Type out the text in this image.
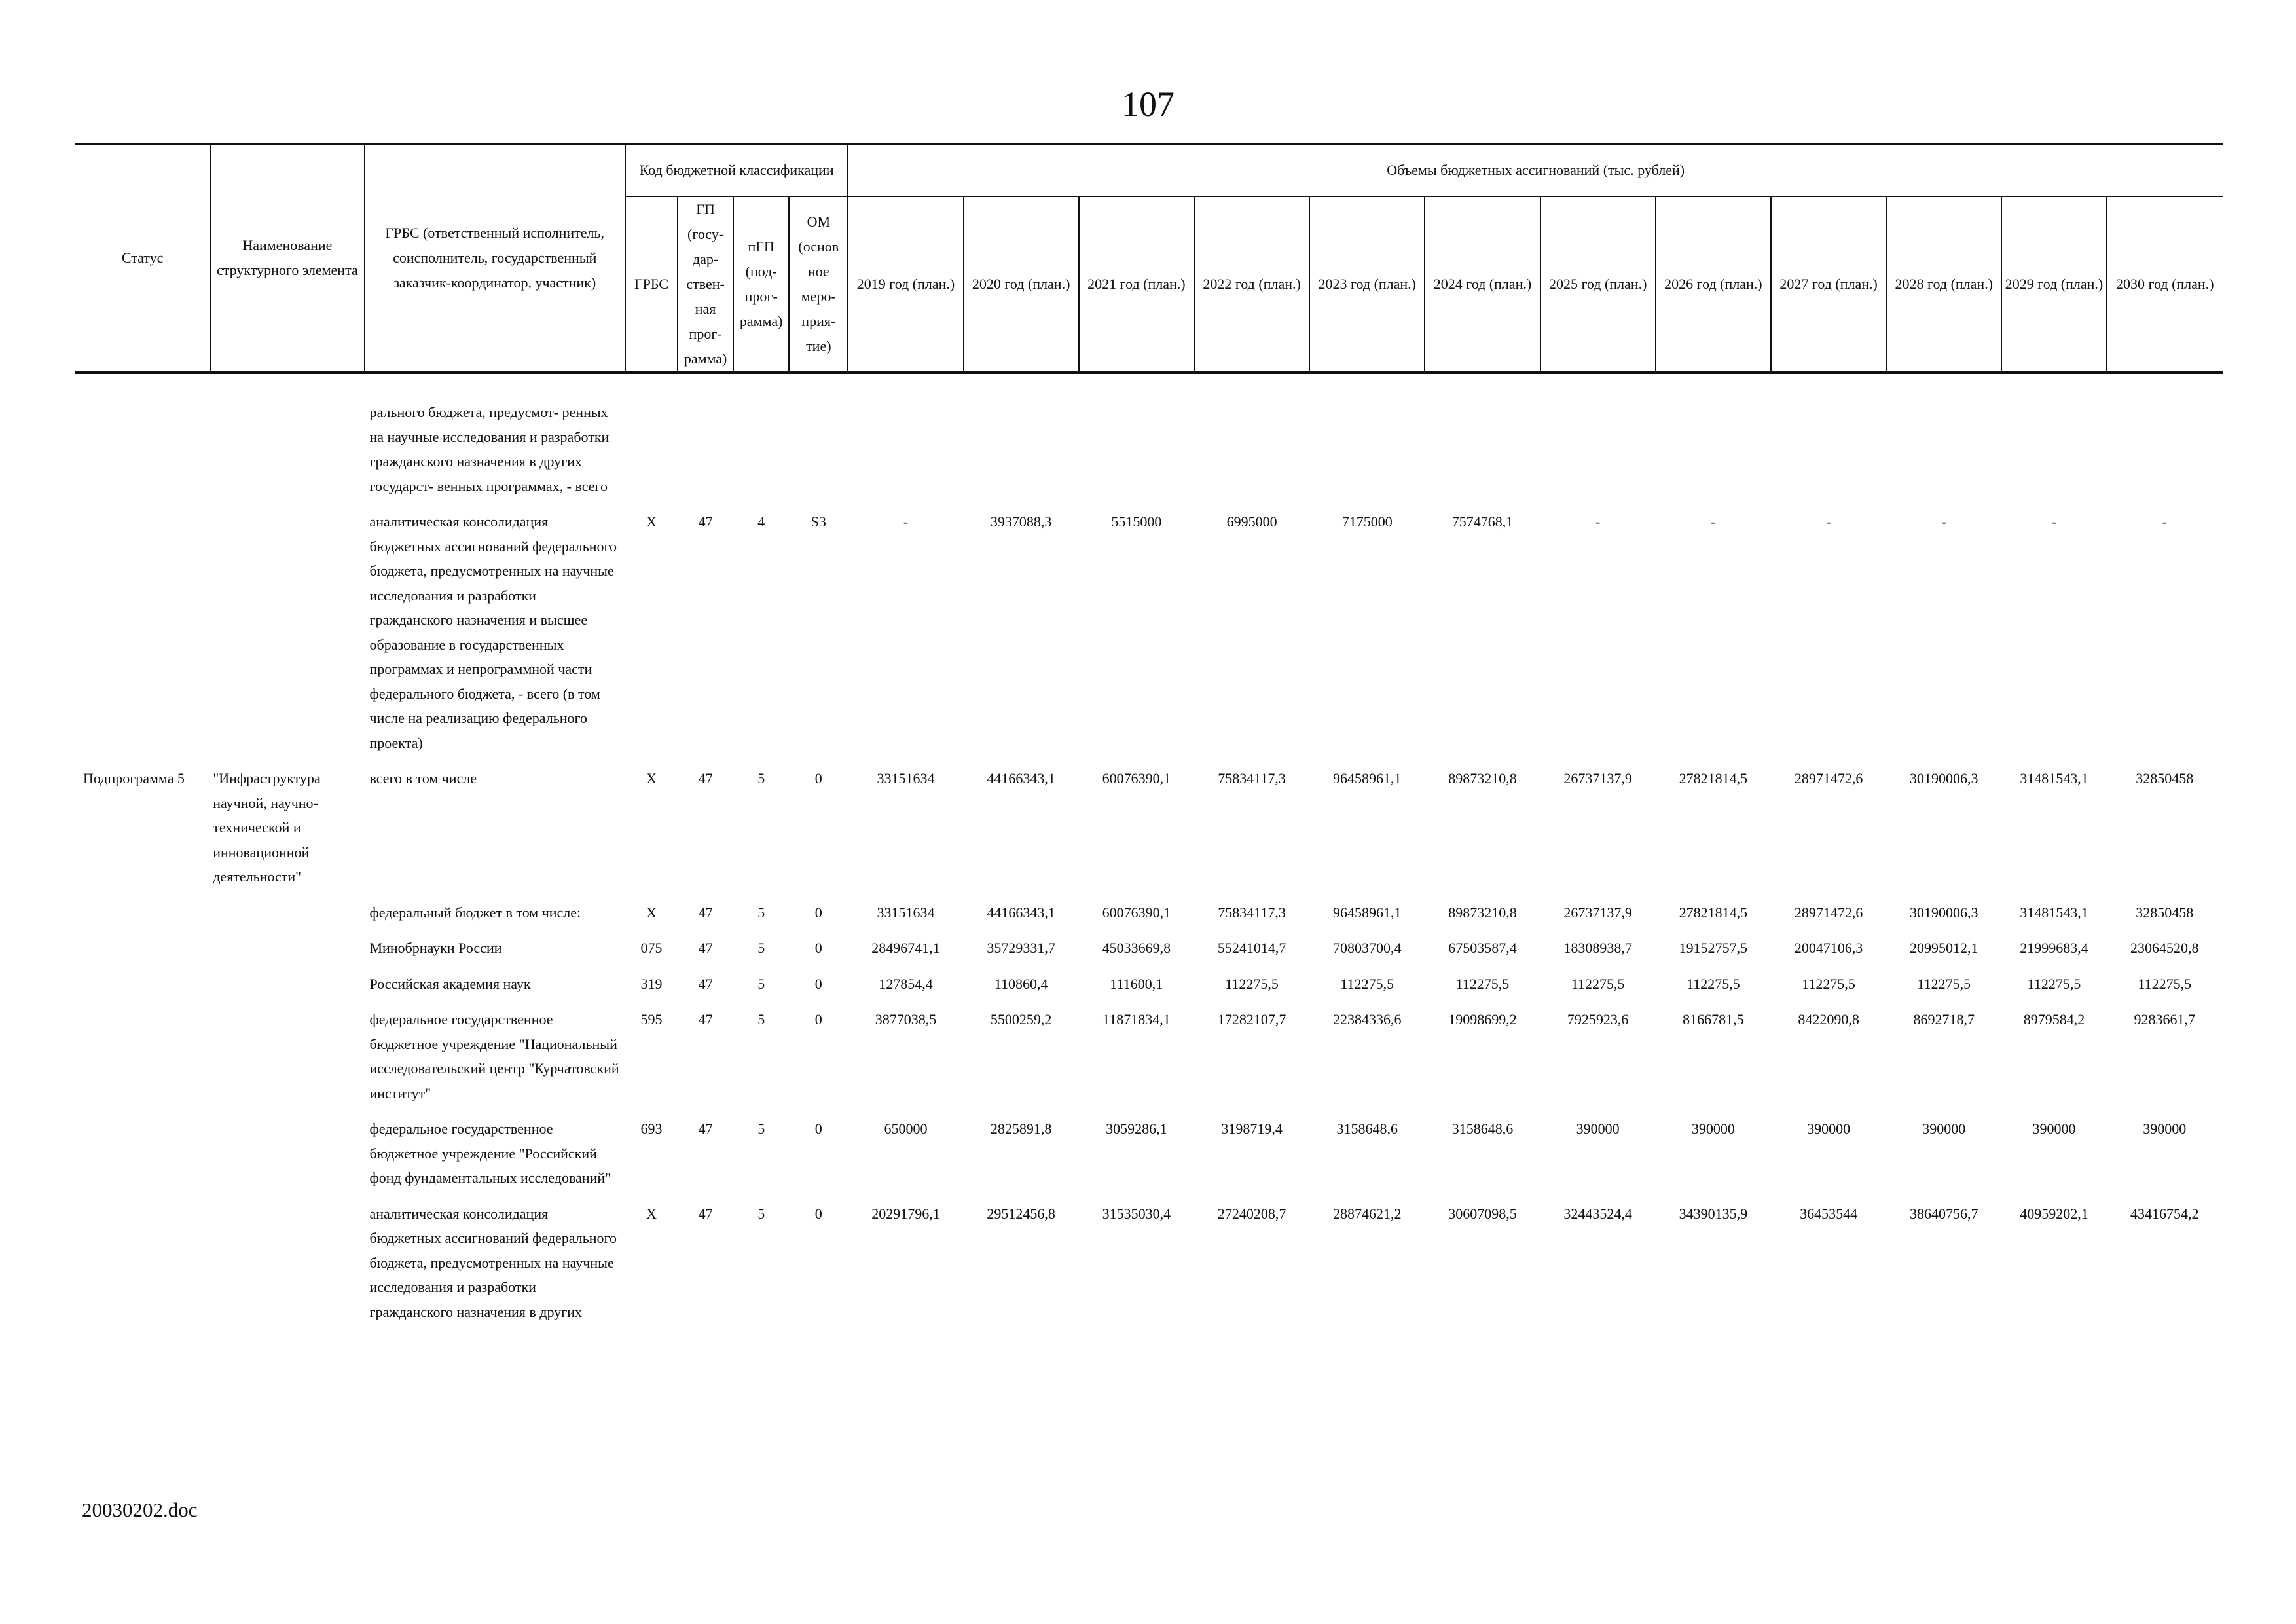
107
Статус	Наименование структурного элемента	ГРБС (ответственный исполнитель, соисполнитель, государственный заказчик-координатор, участник)	Код бюджетной классификации				Объемы бюджетных ассигнований (тыс. рублей)											
			ГРБС	ГП (госу- дар- ствен- ная прог- рамма)	пГП (под- прог- рамма)	ОМ (основ ное меро- прия- тие)	2019 год (план.)	2020 год (план.)	2021 год (план.)	2022 год (план.)	2023 год (план.)	2024 год (план.)	2025 год (план.)	2026 год (план.)	2027 год (план.)	2028 год (план.)	2029 год (план.)	2030 год (план.)

		рального бюджета, предусмот- ренных на научные исследования и разработки гражданского назначения в других государст- венных программах, - всего																
		аналитическая консолидация бюджетных ассигнований федерального бюджета, предусмотренных на научные исследования и разработки гражданского назначения и высшее образование в государственных программах и непрограммной части федерального бюджета, - всего (в том числе на реализацию федерального проекта)	Х	47	4	S3	-	3937088,3	5515000	6995000	7175000	7574768,1	-	-	-	-	-	-
Подпрограмма 5	"Инфраструктура научной, научно- технической и инновационной деятельности"	всего в том числе	Х	47	5	0	33151634	44166343,1	60076390,1	75834117,3	96458961,1	89873210,8	26737137,9	27821814,5	28971472,6	30190006,3	31481543,1	32850458
		федеральный бюджет в том числе:	Х	47	5	0	33151634	44166343,1	60076390,1	75834117,3	96458961,1	89873210,8	26737137,9	27821814,5	28971472,6	30190006,3	31481543,1	32850458
		Минобрнауки России	075	47	5	0	28496741,1	35729331,7	45033669,8	55241014,7	70803700,4	67503587,4	18308938,7	19152757,5	20047106,3	20995012,1	21999683,4	23064520,8
		Российская академия наук	319	47	5	0	127854,4	110860,4	111600,1	112275,5	112275,5	112275,5	112275,5	112275,5	112275,5	112275,5	112275,5	112275,5
		федеральное государственное бюджетное учреждение "Национальный исследовательский центр "Курчатовский институт"	595	47	5	0	3877038,5	5500259,2	11871834,1	17282107,7	22384336,6	19098699,2	7925923,6	8166781,5	8422090,8	8692718,7	8979584,2	9283661,7
		федеральное государственное бюджетное учреждение "Российский фонд фундаментальных исследований"	693	47	5	0	650000	2825891,8	3059286,1	3198719,4	3158648,6	3158648,6	390000	390000	390000	390000	390000	390000
		аналитическая консолидация бюджетных ассигнований федерального бюджета, предусмотренных на научные исследования и разработки гражданского назначения в других	Х	47	5	0	20291796,1	29512456,8	31535030,4	27240208,7	28874621,2	30607098,5	32443524,4	34390135,9	36453544	38640756,7	40959202,1	43416754,2
20030202.doc
